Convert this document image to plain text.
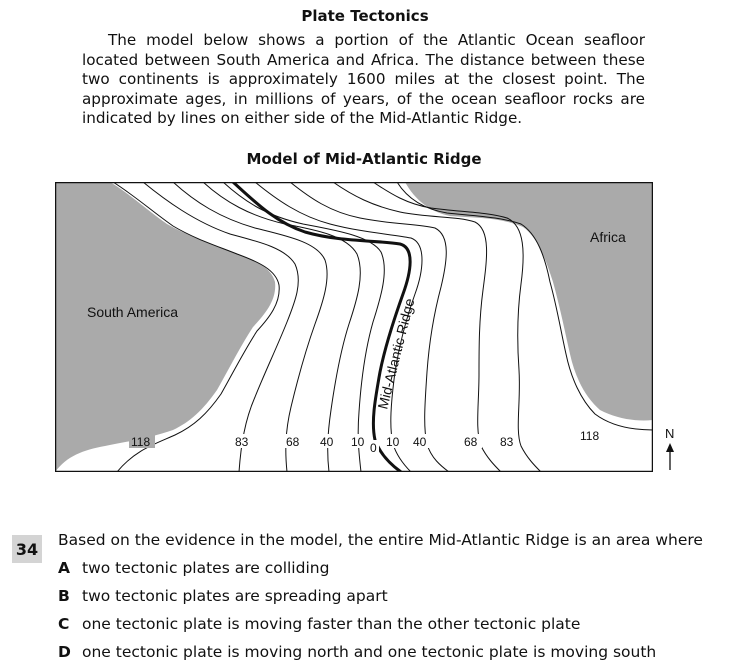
Plate Tectonics

The model below shows a portion of the Atlantic Ocean seafloor located between South America and Africa. The distance between these two continents is approximately 1600 miles at the closest point. The approximate ages, in millions of years, of the ocean seafloor rocks are indicated by lines on either side of the Mid-Atlantic Ridge.

Model of Mid-Atlantic Ridge
South America
Africa
Mid-Atlantic Ridge
118	83	68 40 10 0 10 40	68 83	118	N
34 Based on the evidence in the model, the entire Mid-Atlantic Ridge is an area where
A two tectonic plates are colliding
B two tectonic plates are spreading apart
C one tectonic plate is moving faster than the other tectonic plate
D one tectonic plate is moving north and one tectonic plate is moving south
